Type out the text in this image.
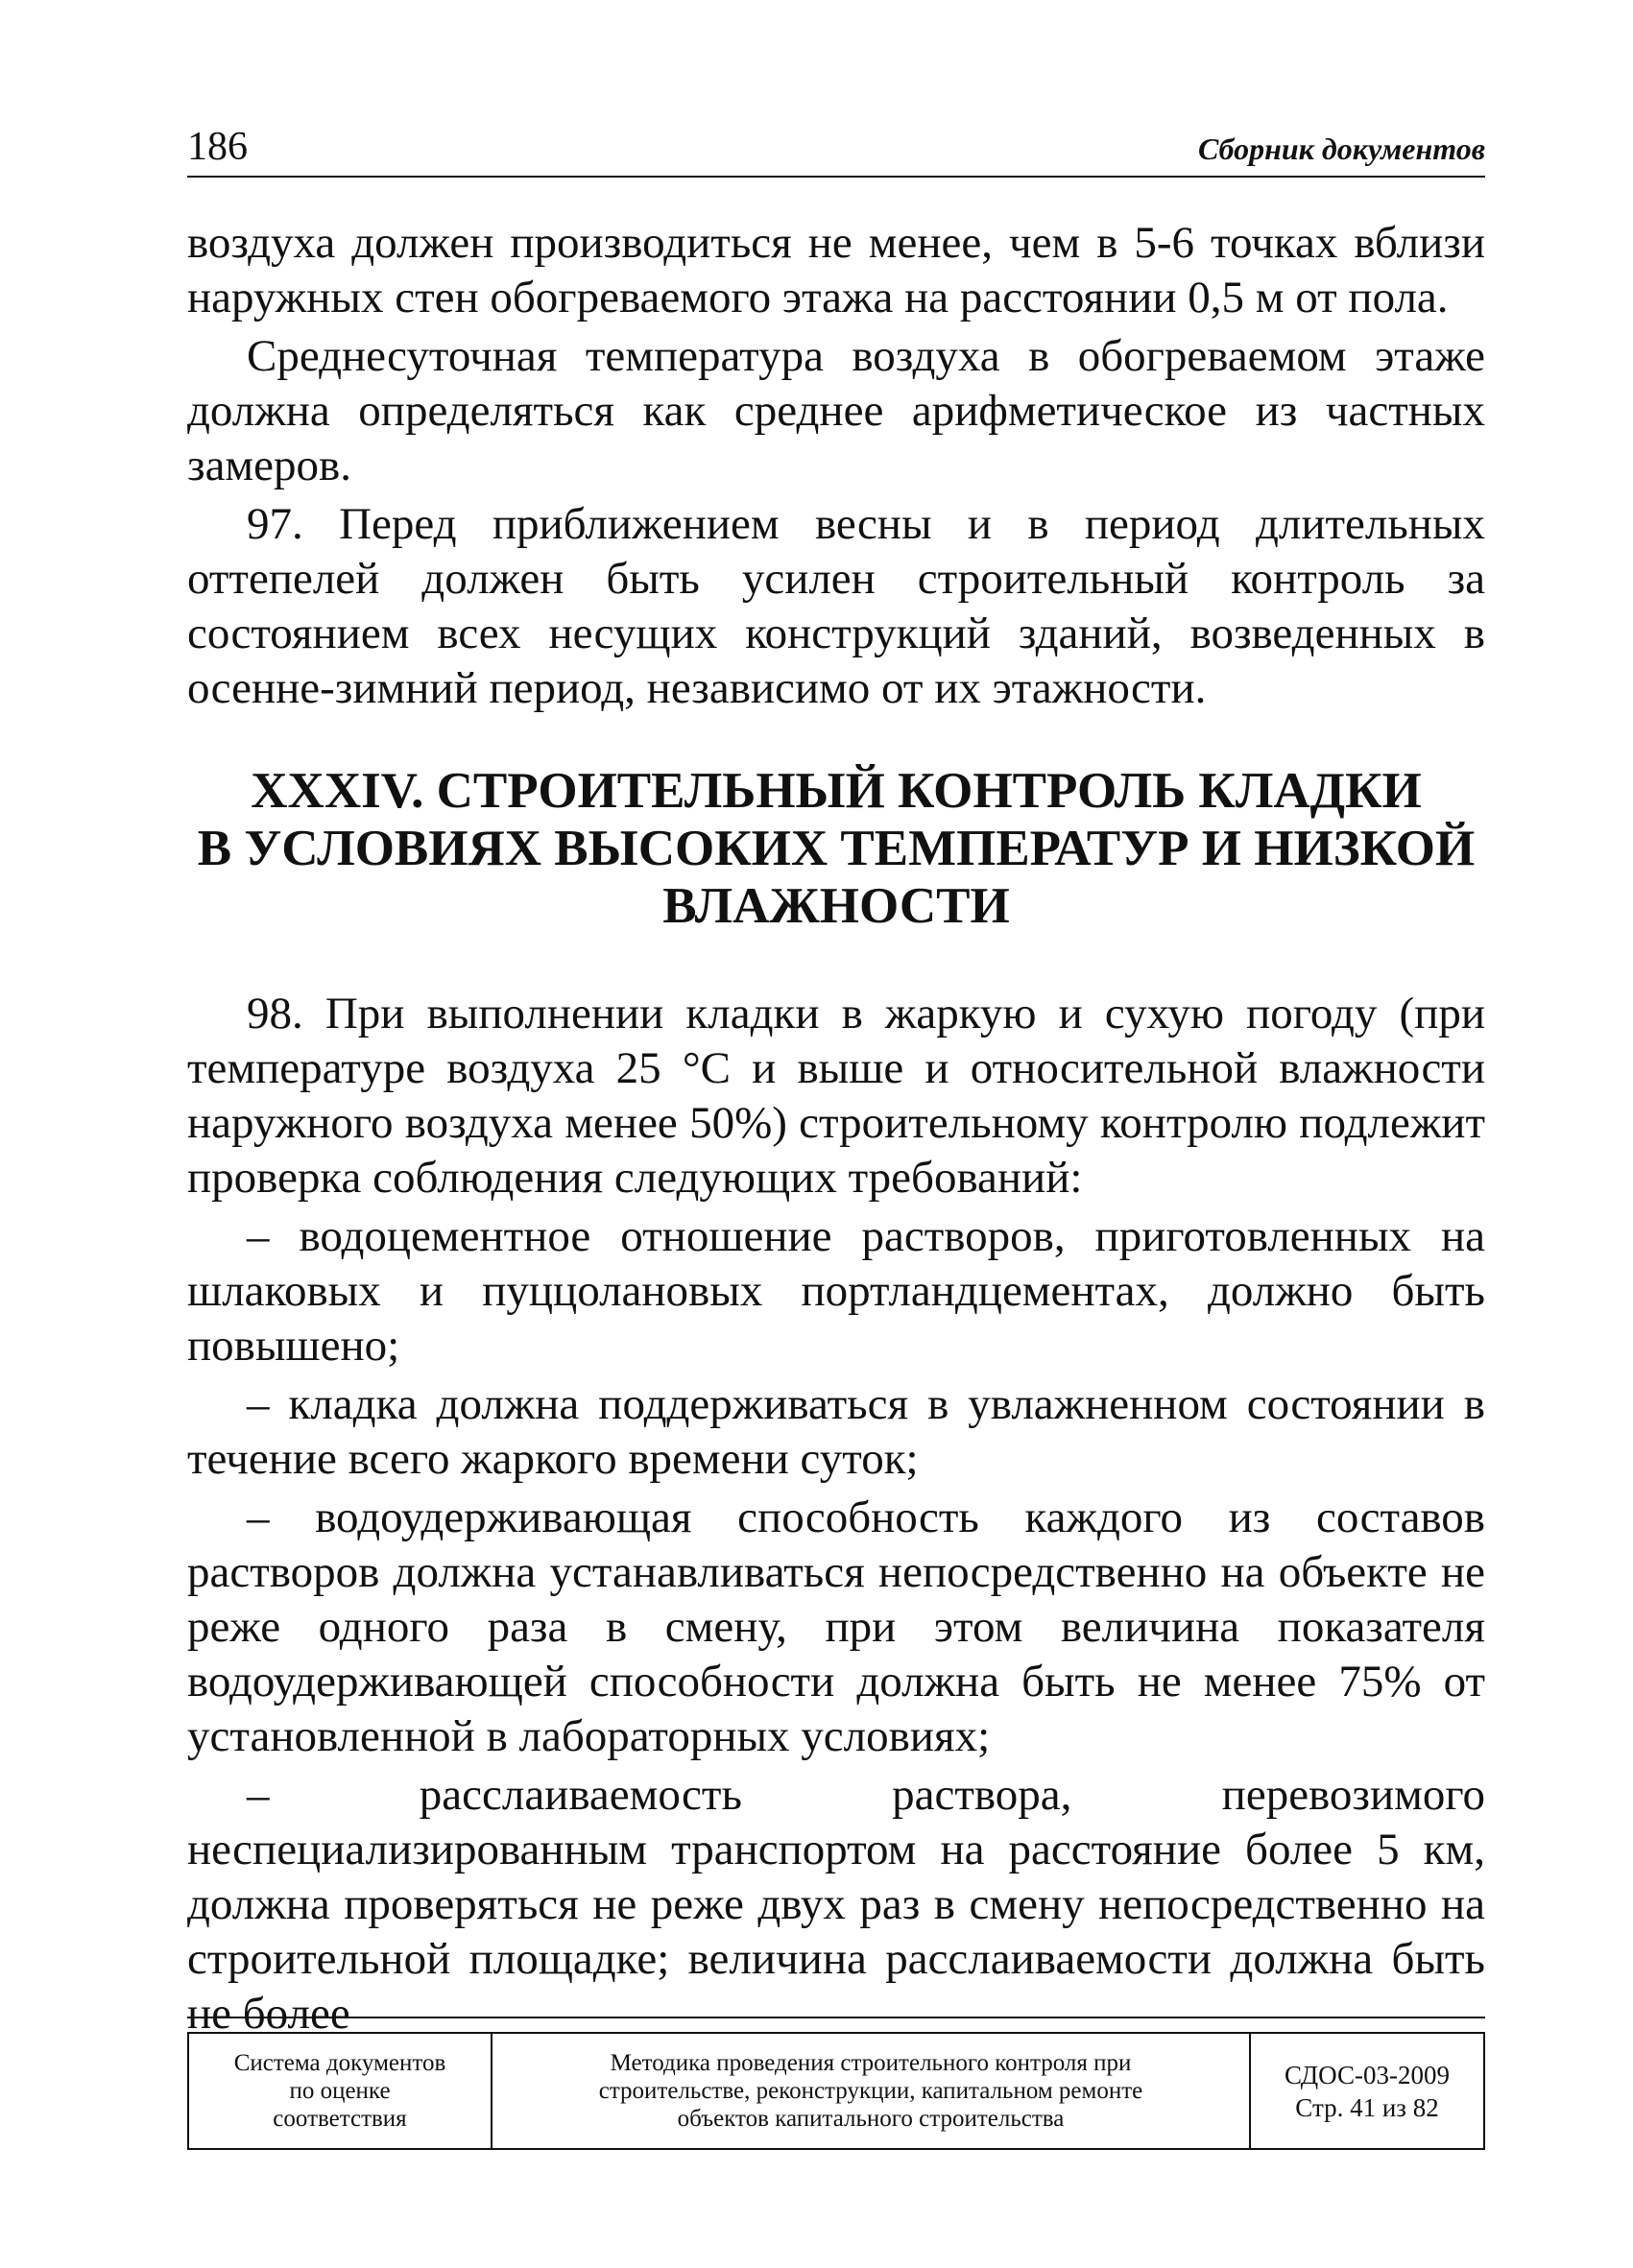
186	Сборник документов

воздуха должен производиться не менее, чем в 5-6 точках вблизи наружных стен обогреваемого этажа на расстоянии 0,5 м от пола.

Среднесуточная температура воздуха в обогреваемом этаже должна определяться как среднее арифметическое из частных замеров.

97. Перед приближением весны и в период длительных оттепелей должен быть усилен строительный контроль за состоянием всех несущих конструкций зданий, возведенных в осенне-зимний период, независимо от их этажности.

XXXIV. СТРОИТЕЛЬНЫЙ КОНТРОЛЬ КЛАДКИ
В УСЛОВИЯХ ВЫСОКИХ ТЕМПЕРАТУР И НИЗКОЙ
ВЛАЖНОСТИ

98. При выполнении кладки в жаркую и сухую погоду (при температуре воздуха 25 °С и выше и относительной влажности наружного воздуха менее 50%) строительному контролю подлежит проверка соблюдения следующих требований:

– водоцементное отношение растворов, приготовленных на шлаковых и пуццолановых портландцементах, должно быть повышено;

– кладка должна поддерживаться в увлажненном состоянии в течение всего жаркого времени суток;

– водоудерживающая способность каждого из составов растворов должна устанавливаться непосредственно на объекте не реже одного раза в смену, при этом величина показателя водоудерживающей способности должна быть не менее 75% от установленной в лабораторных условиях;

– расслаиваемость раствора, перевозимого неспециализированным транспортом на расстояние более 5 км, должна проверяться не реже двух раз в смену непосредственно на строительной площадке; величина расслаиваемости должна быть не более

Система документов
по оценке
соответствия

Методика проведения строительного контроля при
строительстве, реконструкции, капитальном ремонте
объектов капитального строительства

СДОС-03-2009
Стр. 41 из 82
